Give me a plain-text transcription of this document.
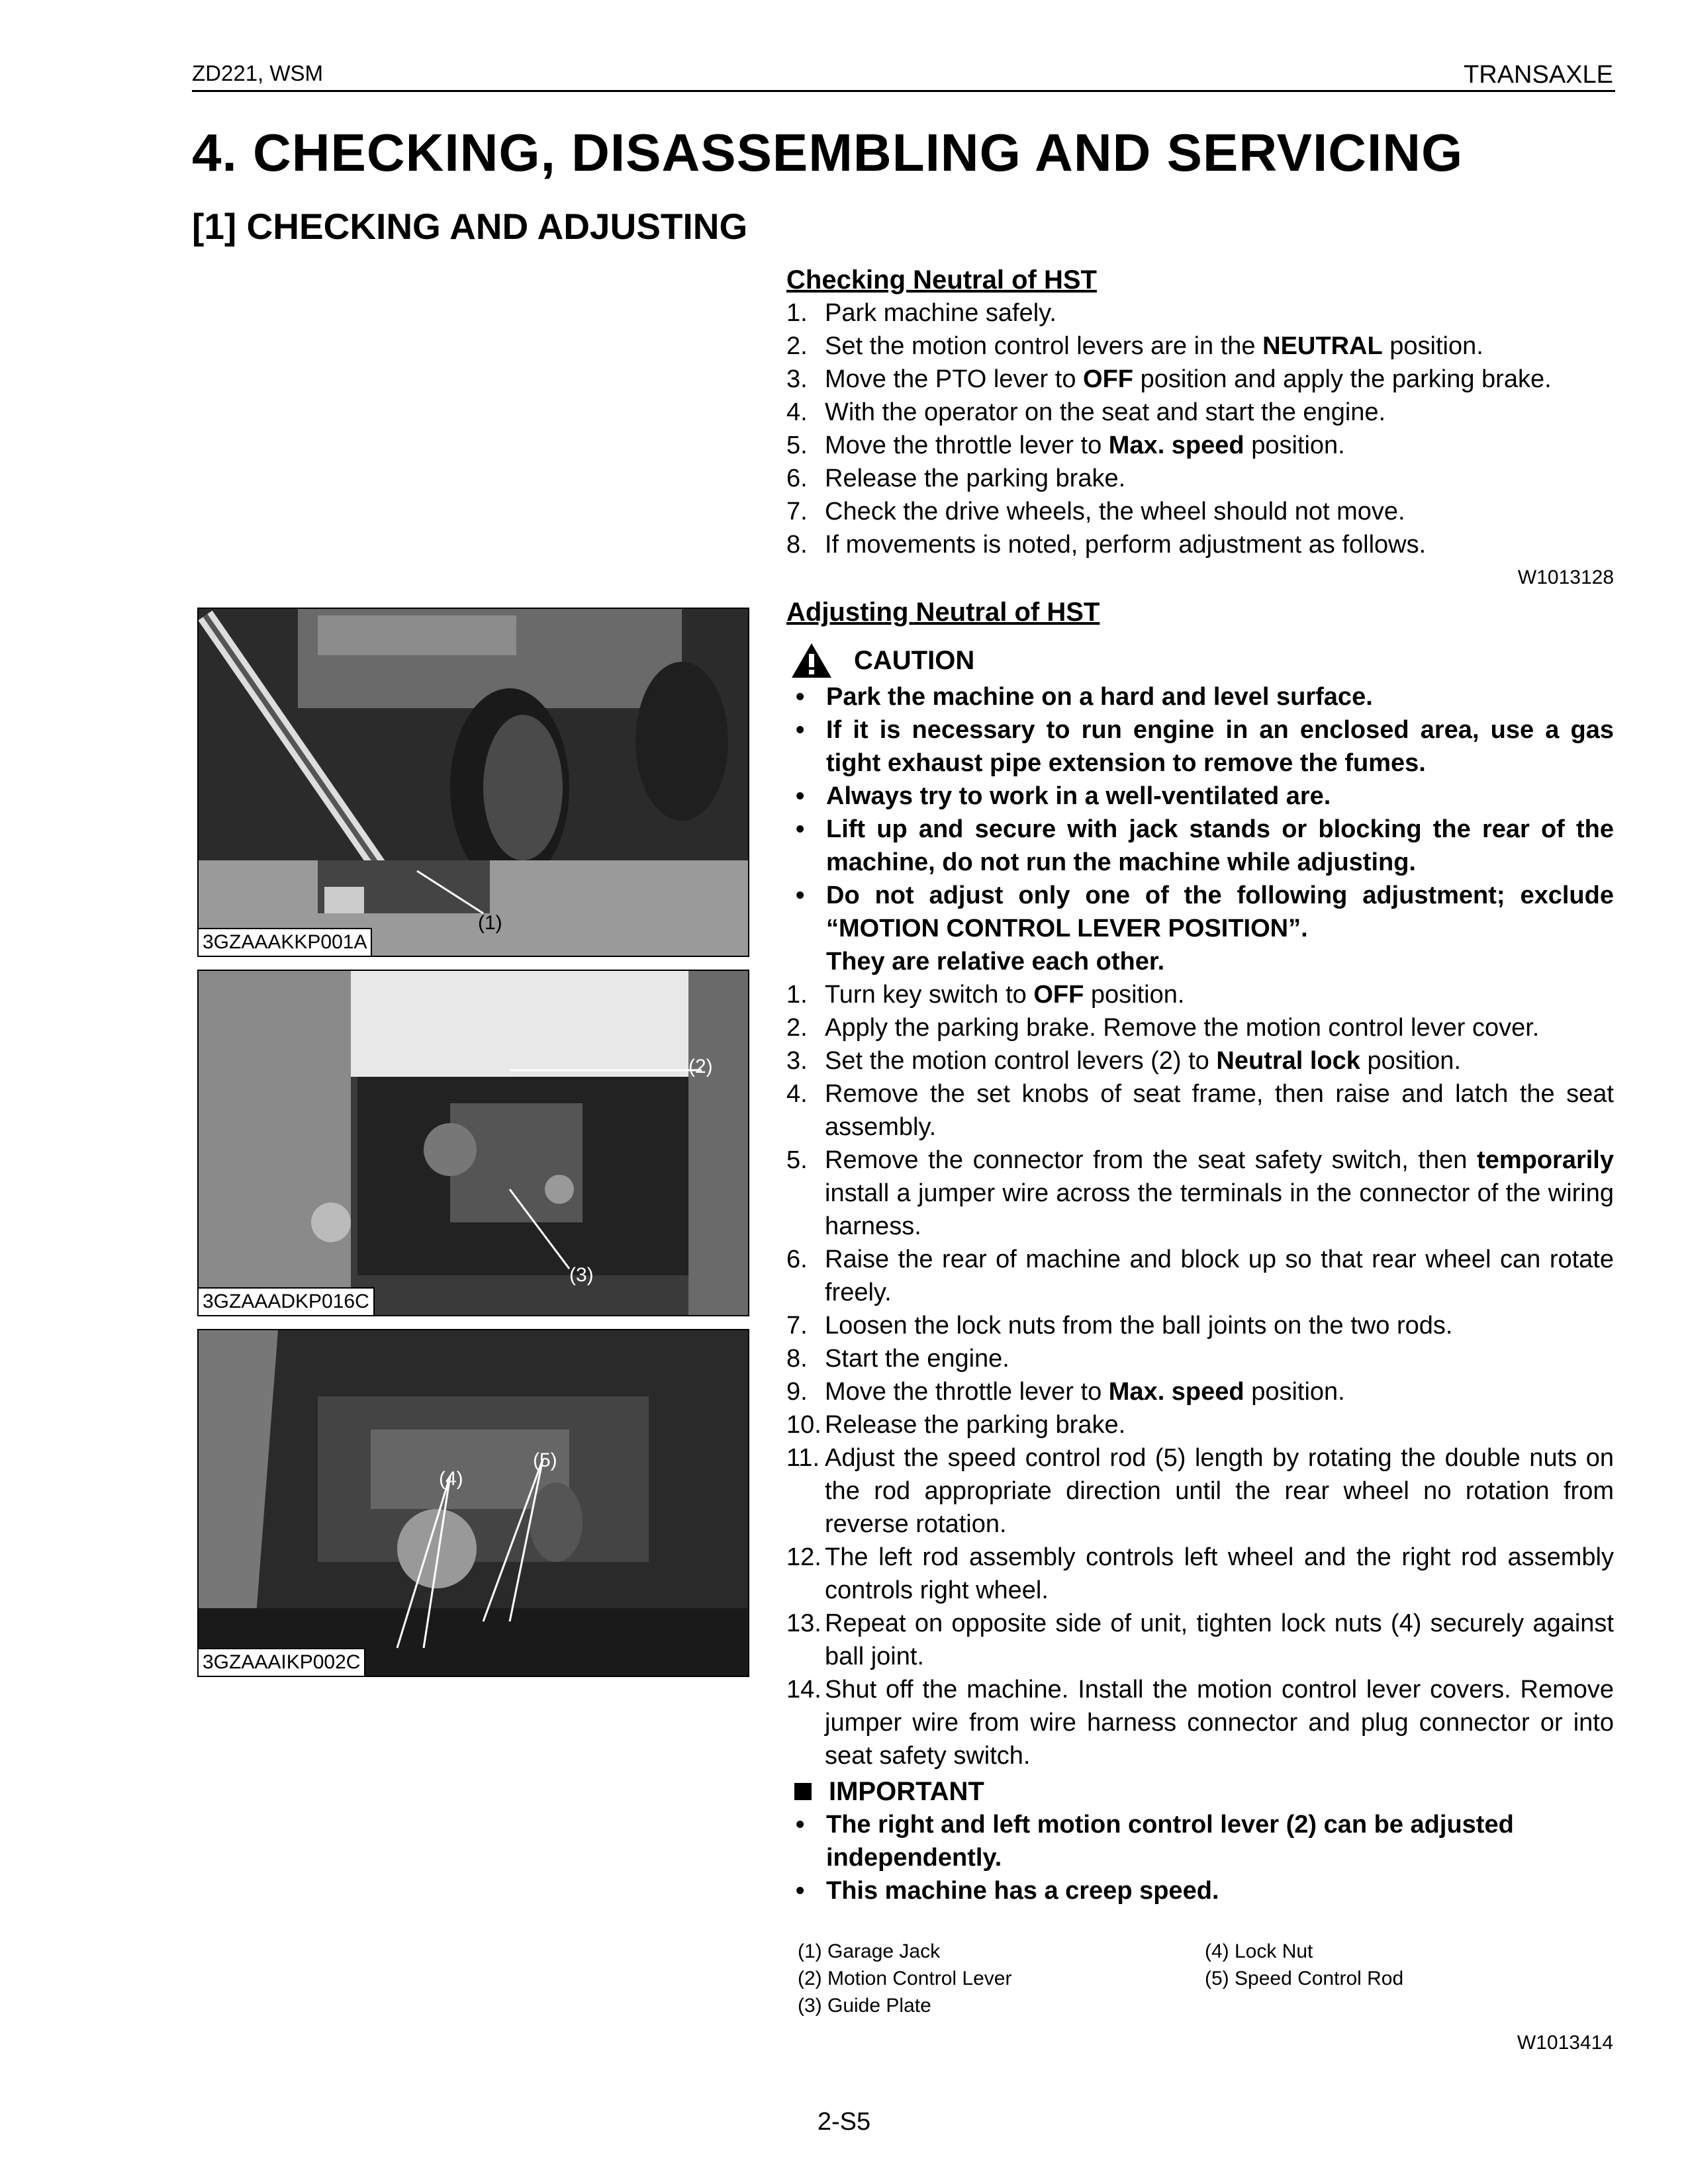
ZD221, WSM	TRANSAXLE
4. CHECKING, DISASSEMBLING AND SERVICING
[1] CHECKING AND ADJUSTING
Checking Neutral of HST
1. Park machine safely.
2. Set the motion control levers are in the NEUTRAL position.
3. Move the PTO lever to OFF position and apply the parking brake.
4. With the operator on the seat and start the engine.
5. Move the throttle lever to Max. speed position.
6. Release the parking brake.
7. Check the drive wheels, the wheel should not move.
8. If movements is noted, perform adjustment as follows.
W1013128
Adjusting Neutral of HST
CAUTION
• Park the machine on a hard and level surface.
• If it is necessary to run engine in an enclosed area, use a gas tight exhaust pipe extension to remove the fumes.
• Always try to work in a well-ventilated are.
• Lift up and secure with jack stands or blocking the rear of the machine, do not run the machine while adjusting.
• Do not adjust only one of the following adjustment; exclude “MOTION CONTROL LEVER POSITION”.
They are relative each other.
1. Turn key switch to OFF position.
2. Apply the parking brake. Remove the motion control lever cover.
3. Set the motion control levers (2) to Neutral lock position.
4. Remove the set knobs of seat frame, then raise and latch the seat assembly.
5. Remove the connector from the seat safety switch, then temporarily install a jumper wire across the terminals in the connector of the wiring harness.
6. Raise the rear of machine and block up so that rear wheel can rotate freely.
7. Loosen the lock nuts from the ball joints on the two rods.
8. Start the engine.
9. Move the throttle lever to Max. speed position.
10. Release the parking brake.
11. Adjust the speed control rod (5) length by rotating the double nuts on the rod appropriate direction until the rear wheel no rotation from reverse rotation.
12. The left rod assembly controls left wheel and the right rod assembly controls right wheel.
13. Repeat on opposite side of unit, tighten lock nuts (4) securely against ball joint.
14. Shut off the machine. Install the motion control lever covers. Remove jumper wire from wire harness connector and plug connector or into seat safety switch.
IMPORTANT
• The right and left motion control lever (2) can be adjusted independently.
• This machine has a creep speed.
(1) Garage Jack
(2) Motion Control Lever
(3) Guide Plate
(4) Lock Nut
(5) Speed Control Rod
W1013414
3GZAAAKKP001A
(1)
3GZAAADKP016C
(2)
(3)
3GZAAAIKP002C
(4)
(5)
2-S5
